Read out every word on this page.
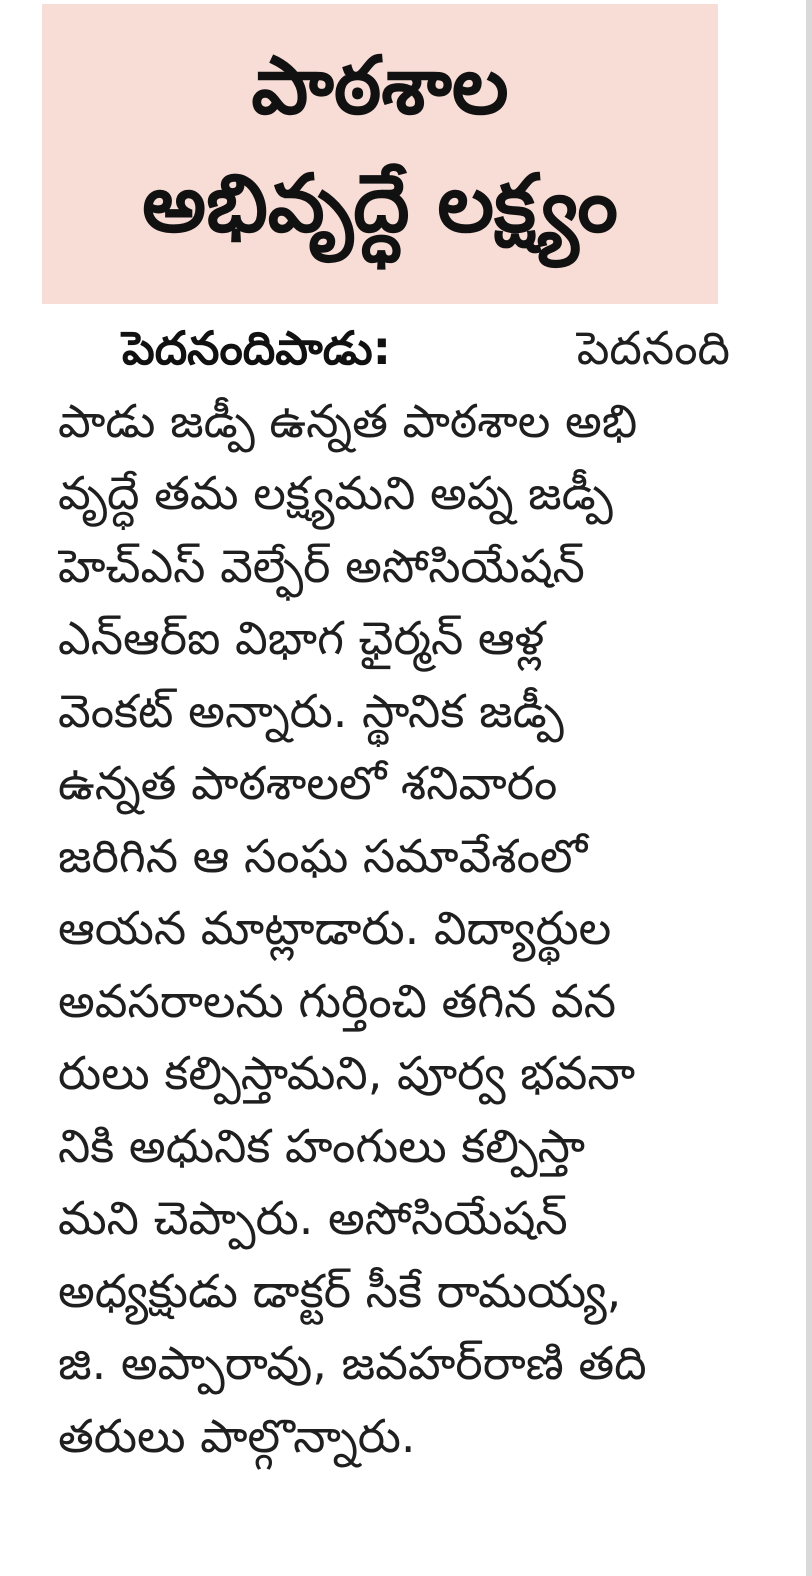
పాఠశాల
అభివృద్ధే లక్ష్యం
పెదనందిపాడు:	పెదనంది
పాడు జడ్పీ ఉన్నత పాఠశాల అభి
వృద్ధే తమ లక్ష్యమని అప్న జడ్పీ
హెచ్ఎస్ వెల్ఫేర్ అసోసియేషన్
ఎన్ఆర్ఐ విభాగ ఛైర్మన్ ఆళ్ల
వెంకట్ అన్నారు. స్థానిక జడ్పీ
ఉన్నత పాఠశాలలో శనివారం
జరిగిన ఆ సంఘ సమావేశంలో
ఆయన మాట్లాడారు. విద్యార్థుల
అవసరాలను గుర్తించి తగిన వన
రులు కల్పిస్తామని, పూర్వ భవనా
నికి అధునిక హంగులు కల్పిస్తా
మని చెప్పారు. అసోసియేషన్
అధ్యక్షుడు డాక్టర్ సీకే రామయ్య,
జి. అప్పారావు, జవహర్‌రాణి తది
తరులు పాల్గొన్నారు.
